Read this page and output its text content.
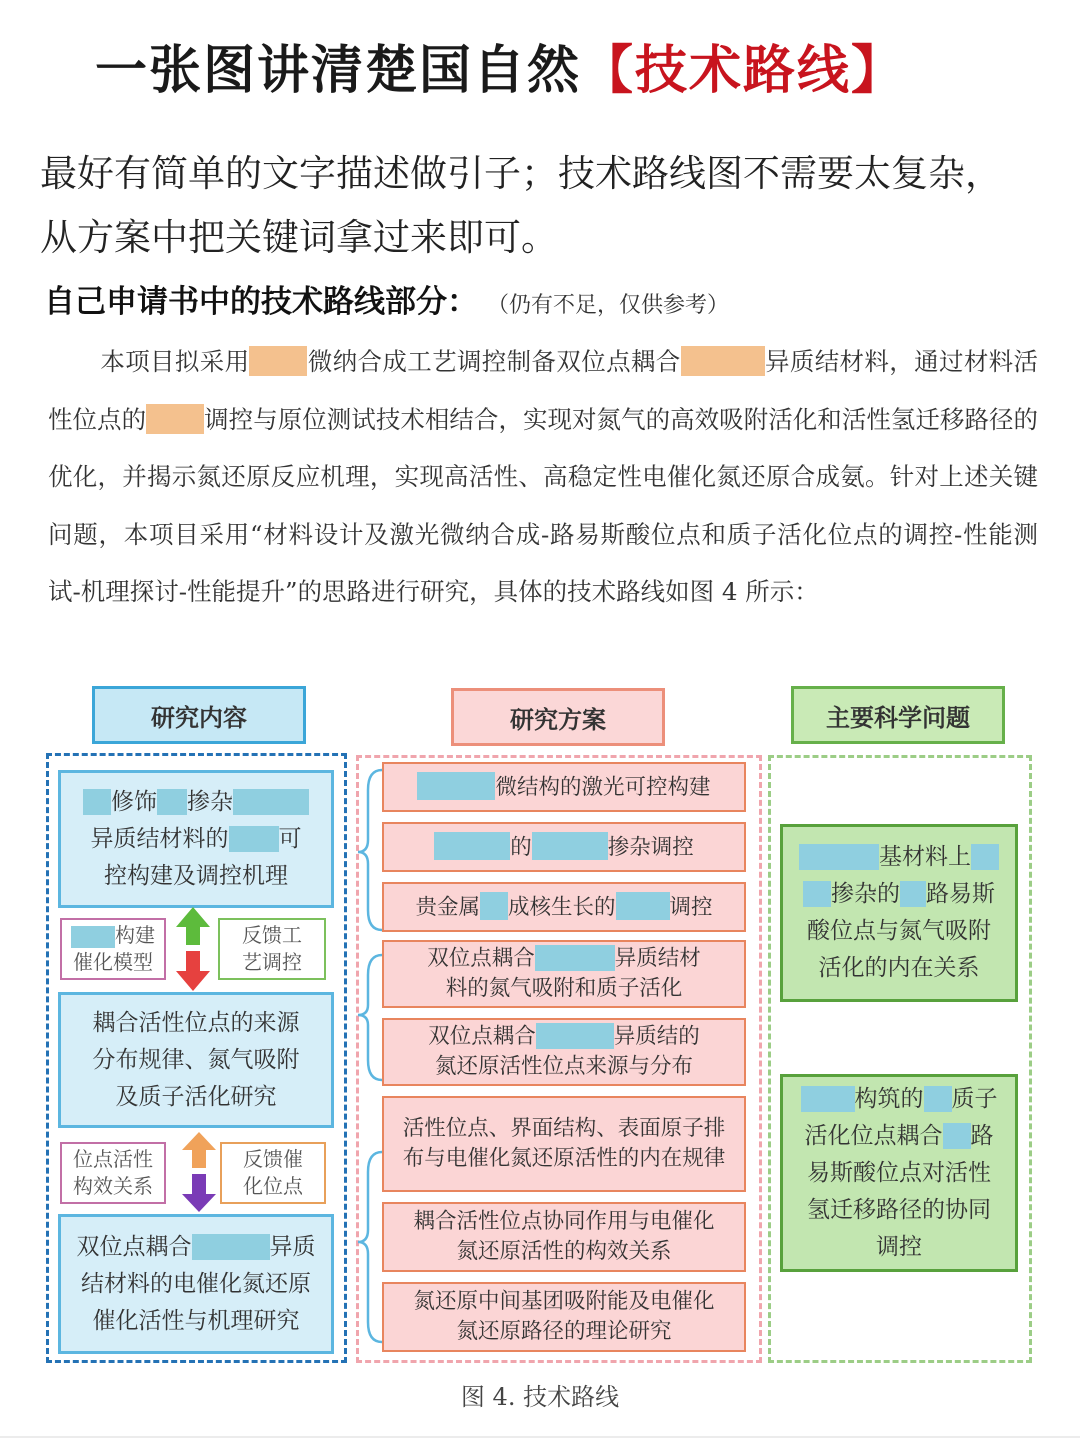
一张图讲清楚国自然【技术路线】
最好有简单的文字描述做引子；技术路线图不需要太复杂，
从方案中把关键词拿过来即可。
自己申请书中的技术路线部分： （仍有不足，仅供参考）
本项目拟采用 微纳合成工艺调控制备双位点耦合	异质结材料，通过材料活性位点的 调控与原位测试技术相结合，实现对氮气的高效吸附活化和活性氢迁移路径的优化，并揭示氮还原反应机理，实现高活性、高稳定性电催化氮还原合成氨。针对上述关键问题，本项目采用“材料设计及激光微纳合成-路易斯酸位点和质子活化位点的调控-性能测试-机理探讨-性能提升”的思路进行研究，具体的技术路线如图 4 所示：
研究内容	研究方案	主要科学问题
修饰 掺杂
异质结材料的 可
控构建及调控机理
构建
催化模型
反馈工
艺调控
耦合活性位点的来源
分布规律、氮气吸附
及质子活化研究
位点活性
构效关系
反馈催
化位点
双位点耦合	异质
结材料的电催化氮还原
催化活性与机理研究
微结构的激光可控构建
的	掺杂调控
贵金属 成核生长的	调控
双位点耦合	异质结材
料的氮气吸附和质子活化
双位点耦合	异质结的
氮还原活性位点来源与分布
活性位点、界面结构、表面原子排布与电催化氮还原活性的内在规律
耦合活性位点协同作用与电催化氮还原活性的构效关系
氮还原中间基团吸附能及电催化氮还原路径的理论研究
基材料上
掺杂的 路易斯
酸位点与氮气吸附
活化的内在关系
构筑的 质子
活化位点耦合 路
易斯酸位点对活性
氢迁移路径的协同
调控
图 4. 技术路线
